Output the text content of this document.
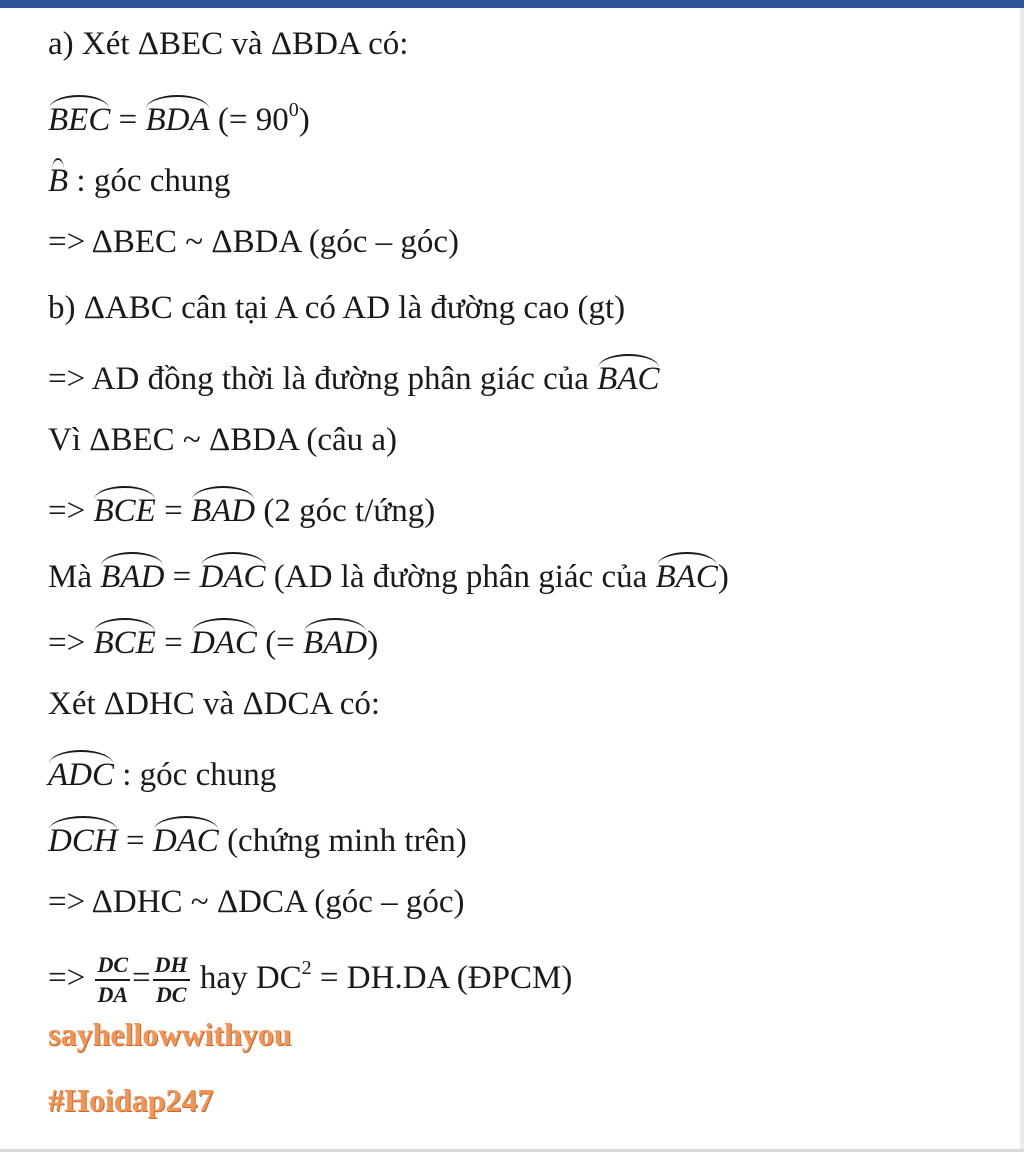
a) Xét ΔBEC và ΔBDA có:
BEC = BDA (= $90^0$)
B : góc chung
=> ΔBEC ~ ΔBDA (góc – góc)
b) ΔABC cân tại A có AD là đường cao (gt)
=> AD đồng thời là đường phân giác của BAC
Vì ΔBEC ~ ΔBDA (câu a)
=> BCE = BAD (2 góc t/ứng)
Mà BAD = DAC (AD là đường phân giác của BAC)
=> BCE = DAC (= BAD)
Xét ΔDHC và ΔDCA có:
ADC : góc chung
DCH = DAC (chứng minh trên)
=> ΔDHC ~ ΔDCA (góc – góc)
=> $\frac{DC}{DA} = \frac{DH}{DC}$ hay $DC^2 = DH.DA$ (ĐPCM)
sayhellowwithyou
#Hoidap247
